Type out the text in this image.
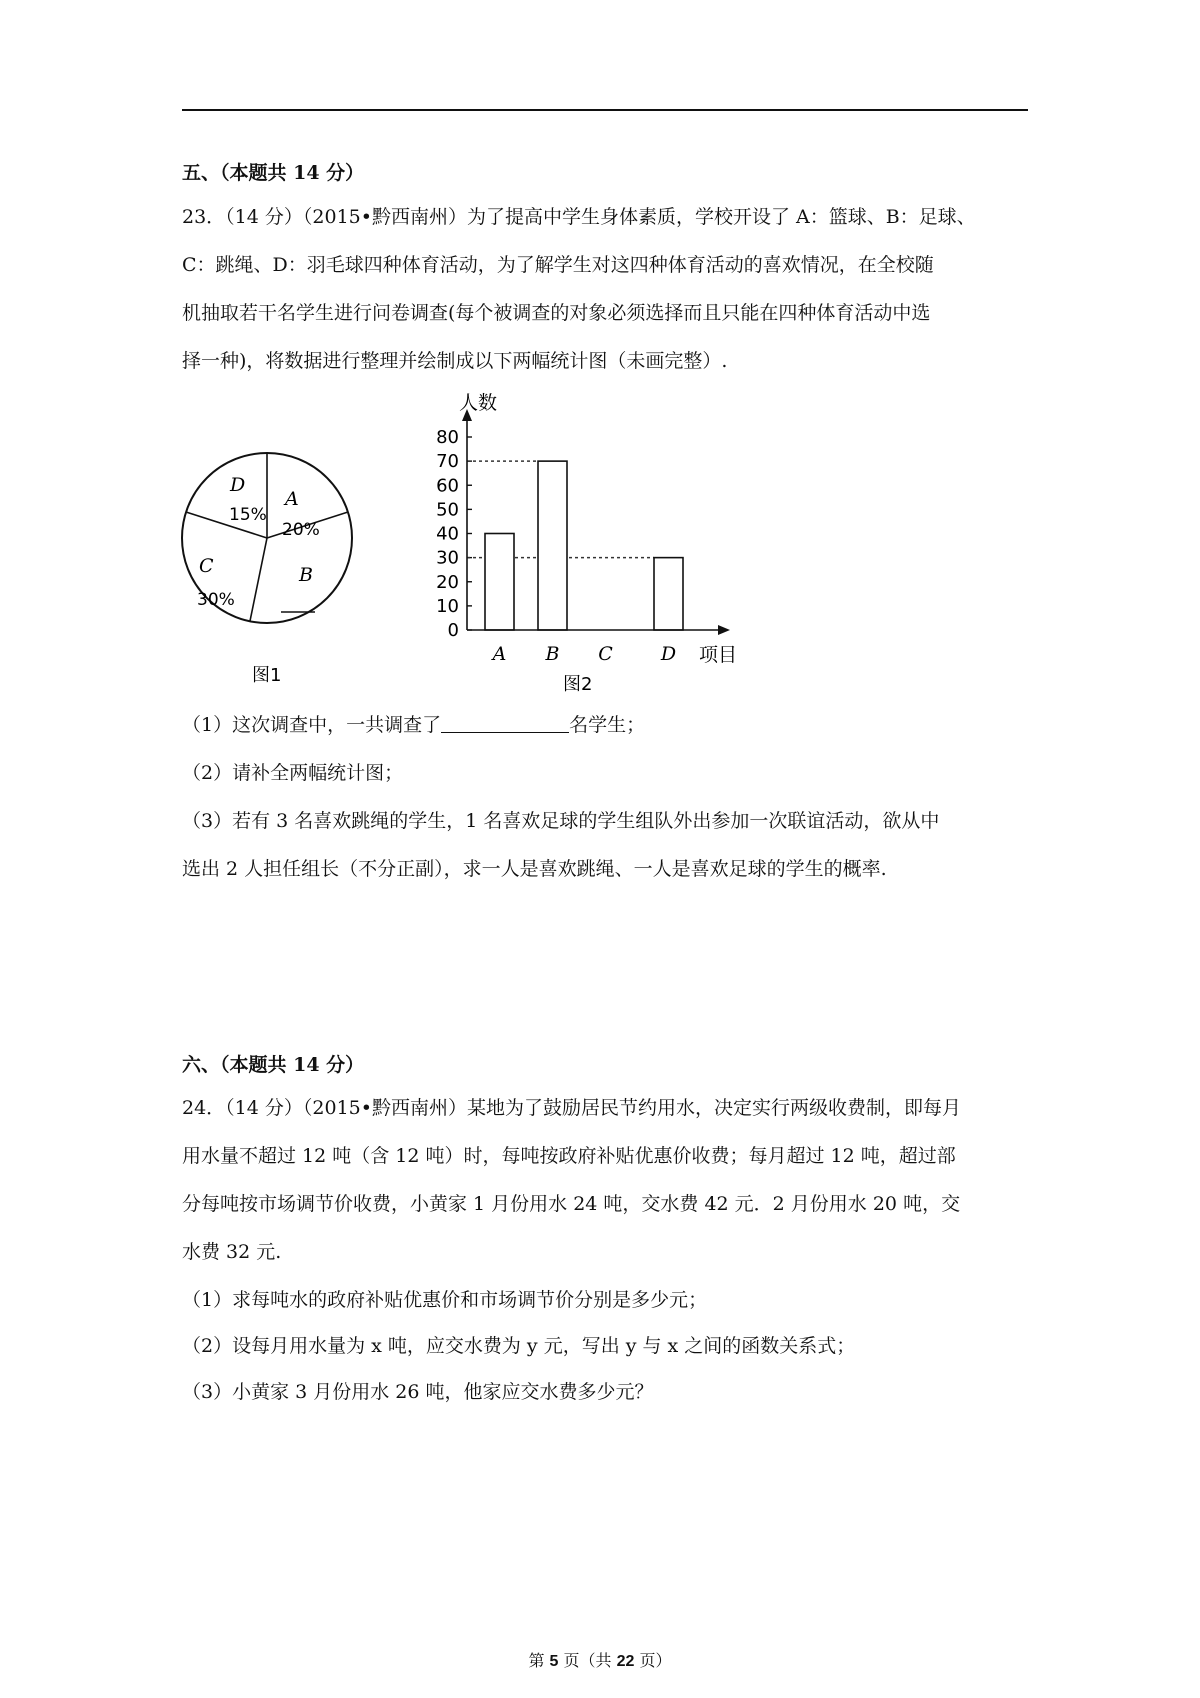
五、（本题共 14 分）
23．（14 分）（2015•黔西南州）为了提高中学生身体素质，学校开设了 A：篮球、B：足球、
C：跳绳、D：羽毛球四种体育活动，为了解学生对这四种体育活动的喜欢情况，在全校随
机抽取若干名学生进行问卷调查(每个被调查的对象必须选择而且只能在四种体育活动中选
择一种)，将数据进行整理并绘制成以下两幅统计图（未画完整）.
D
15%
A
20%
C
30%
B
图1
0
10
20
30
40
50
60
70
80
A B C	D
人数
项目
图2
（1）这次调查中，一共调查了	名学生；
（2）请补全两幅统计图；
（3）若有 3 名喜欢跳绳的学生，1 名喜欢足球的学生组队外出参加一次联谊活动，欲从中
选出 2 人担任组长（不分正副），求一人是喜欢跳绳、一人是喜欢足球的学生的概率.
六、（本题共 14 分）
24．（14 分）（2015•黔西南州）某地为了鼓励居民节约用水，决定实行两级收费制，即每月
用水量不超过 12 吨（含 12 吨）时，每吨按政府补贴优惠价收费；每月超过 12 吨，超过部
分每吨按市场调节价收费，小黄家 1 月份用水 24 吨，交水费 42 元．2 月份用水 20 吨，交
水费 32 元.
（1）求每吨水的政府补贴优惠价和市场调节价分别是多少元；
（2）设每月用水量为 x 吨，应交水费为 y 元，写出 y 与 x 之间的函数关系式；
（3）小黄家 3 月份用水 26 吨，他家应交水费多少元？
第 5 页（共 22 页）
